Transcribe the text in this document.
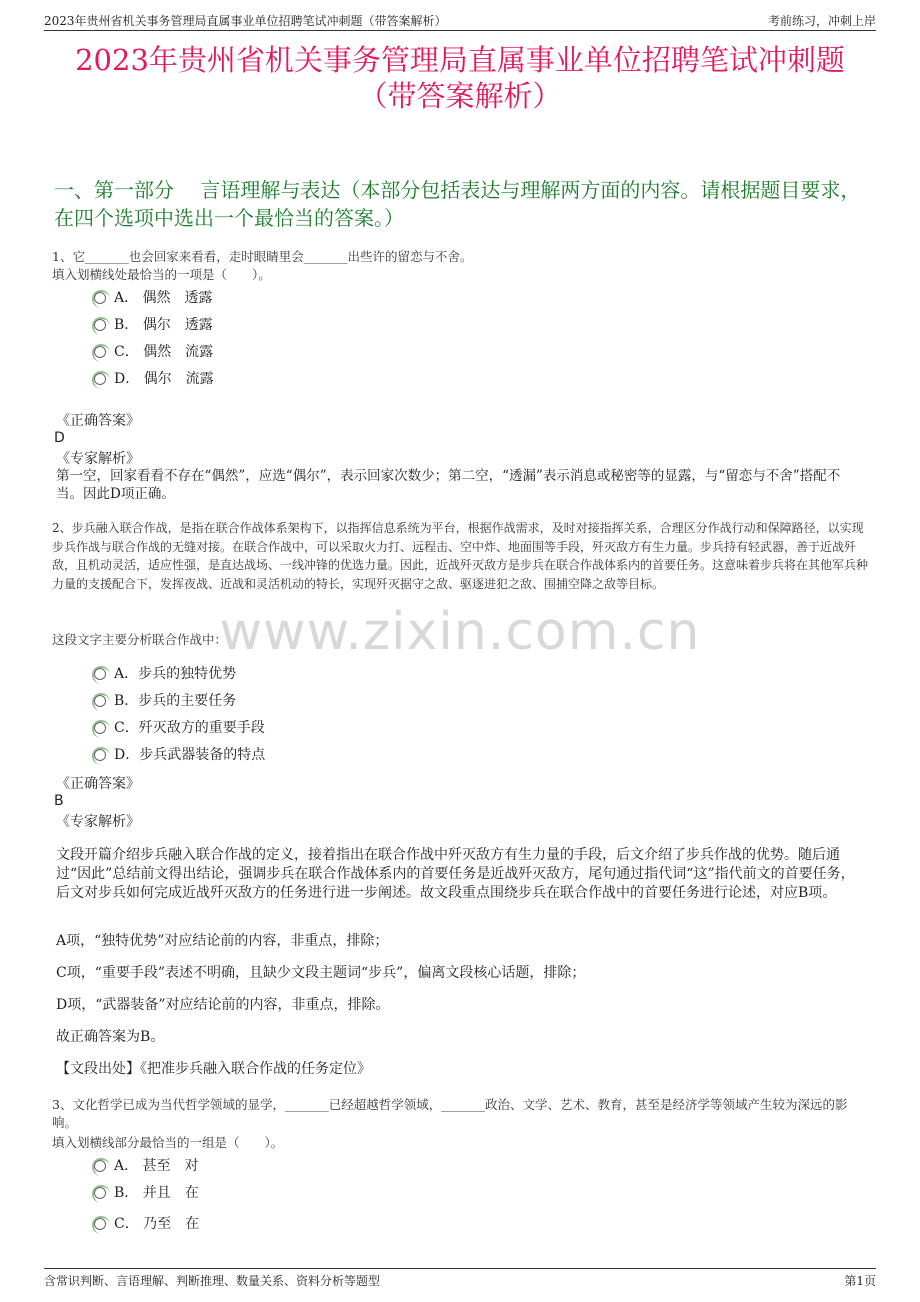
2023年贵州省机关事务管理局直属事业单位招聘笔试冲刺题（带答案解析）	考前练习，冲刺上岸
2023年贵州省机关事务管理局直属事业单位招聘笔试冲刺题
（带答案解析）
一、第一部分　 言语理解与表达（本部分包括表达与理解两方面的内容。请根据题目要求，在四个选项中选出一个最恰当的答案。）
1、它_______也会回家来看看，走时眼睛里会_______出些许的留恋与不舍。
填入划横线处最恰当的一项是（　　）。
A． 偶然　透露
B． 偶尔　透露
C． 偶然　流露
D． 偶尔　流露
《正确答案》
D
《专家解析》
第一空，回家看看不存在“偶然”，应选“偶尔”，表示回家次数少；第二空，“透漏”表示消息或秘密等的显露，与“留恋与不舍”搭配不当。因此D项正确。
2、步兵融入联合作战，是指在联合作战体系架构下，以指挥信息系统为平台，根据作战需求，及时对接指挥关系，合理区分作战行动和保障路径，以实现步兵作战与联合作战的无缝对接。在联合作战中，可以采取火力打、远程击、空中炸、地面围等手段，歼灭敌方有生力量。步兵持有轻武器，善于近战歼敌，且机动灵活，适应性强，是直达战场、一线冲锋的优选力量。因此，近战歼灭敌方是步兵在联合作战体系内的首要任务。这意味着步兵将在其他军兵种力量的支援配合下，发挥夜战、近战和灵活机动的特长，实现歼灭据守之敌、驱逐进犯之敌、围捕空降之敌等目标。
这段文字主要分析联合作战中：
A．步兵的独特优势
B．步兵的主要任务
C．歼灭敌方的重要手段
D．步兵武器装备的特点
《正确答案》
B
《专家解析》
文段开篇介绍步兵融入联合作战的定义，接着指出在联合作战中歼灭敌方有生力量的手段，后文介绍了步兵作战的优势。随后通过“因此”总结前文得出结论，强调步兵在联合作战体系内的首要任务是近战歼灭敌方，尾句通过指代词“这”指代前文的首要任务，后文对步兵如何完成近战歼灭敌方的任务进行进一步阐述。故文段重点围绕步兵在联合作战中的首要任务进行论述，对应B项。
A项，“独特优势”对应结论前的内容，非重点，排除；
C项，“重要手段”表述不明确，且缺少文段主题词“步兵”，偏离文段核心话题，排除；
D项，“武器装备”对应结论前的内容，非重点，排除。
故正确答案为B。
【文段出处】《把准步兵融入联合作战的任务定位》
3、文化哲学已成为当代哲学领域的显学，_______已经超越哲学领域，_______政治、文学、艺术、教育，甚至是经济学等领域产生较为深远的影响。
填入划横线部分最恰当的一组是（　　）。
A． 甚至　对
B． 并且　在
C． 乃至　在
www.zixin.com.cn
含常识判断、言语理解、判断推理、数量关系、资料分析等题型	第1页
